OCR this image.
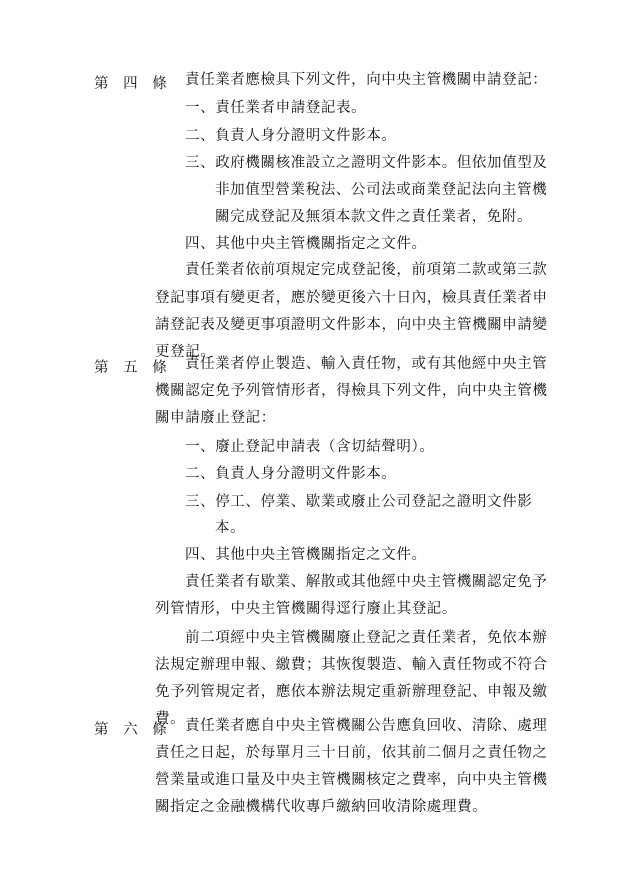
第 四 條 責任業者應檢具下列文件，向中央主管機關申請登記：
一、責任業者申請登記表。
二、負責人身分證明文件影本。
三、政府機關核准設立之證明文件影本。但依加值型及
非加值型營業稅法、公司法或商業登記法向主管機
關完成登記及無須本款文件之責任業者，免附。
四、其他中央主管機關指定之文件。
責任業者依前項規定完成登記後，前項第二款或第三款
登記事項有變更者，應於變更後六十日內，檢具責任業者申
請登記表及變更事項證明文件影本，向中央主管機關申請變
更登記。
第 五 條 責任業者停止製造、輸入責任物，或有其他經中央主管
機關認定免予列管情形者，得檢具下列文件，向中央主管機
關申請廢止登記：
一、廢止登記申請表（含切結聲明）。
二、負責人身分證明文件影本。
三、停工、停業、歇業或廢止公司登記之證明文件影
本。
四、其他中央主管機關指定之文件。
責任業者有歇業、解散或其他經中央主管機關認定免予
列管情形，中央主管機關得逕行廢止其登記。
前二項經中央主管機關廢止登記之責任業者，免依本辦
法規定辦理申報、繳費；其恢復製造、輸入責任物或不符合
免予列管規定者，應依本辦法規定重新辦理登記、申報及繳
費。
第 六 條 責任業者應自中央主管機關公告應負回收、清除、處理
責任之日起，於每單月三十日前，依其前二個月之責任物之
營業量或進口量及中央主管機關核定之費率，向中央主管機
關指定之金融機構代收專戶繳納回收清除處理費。
